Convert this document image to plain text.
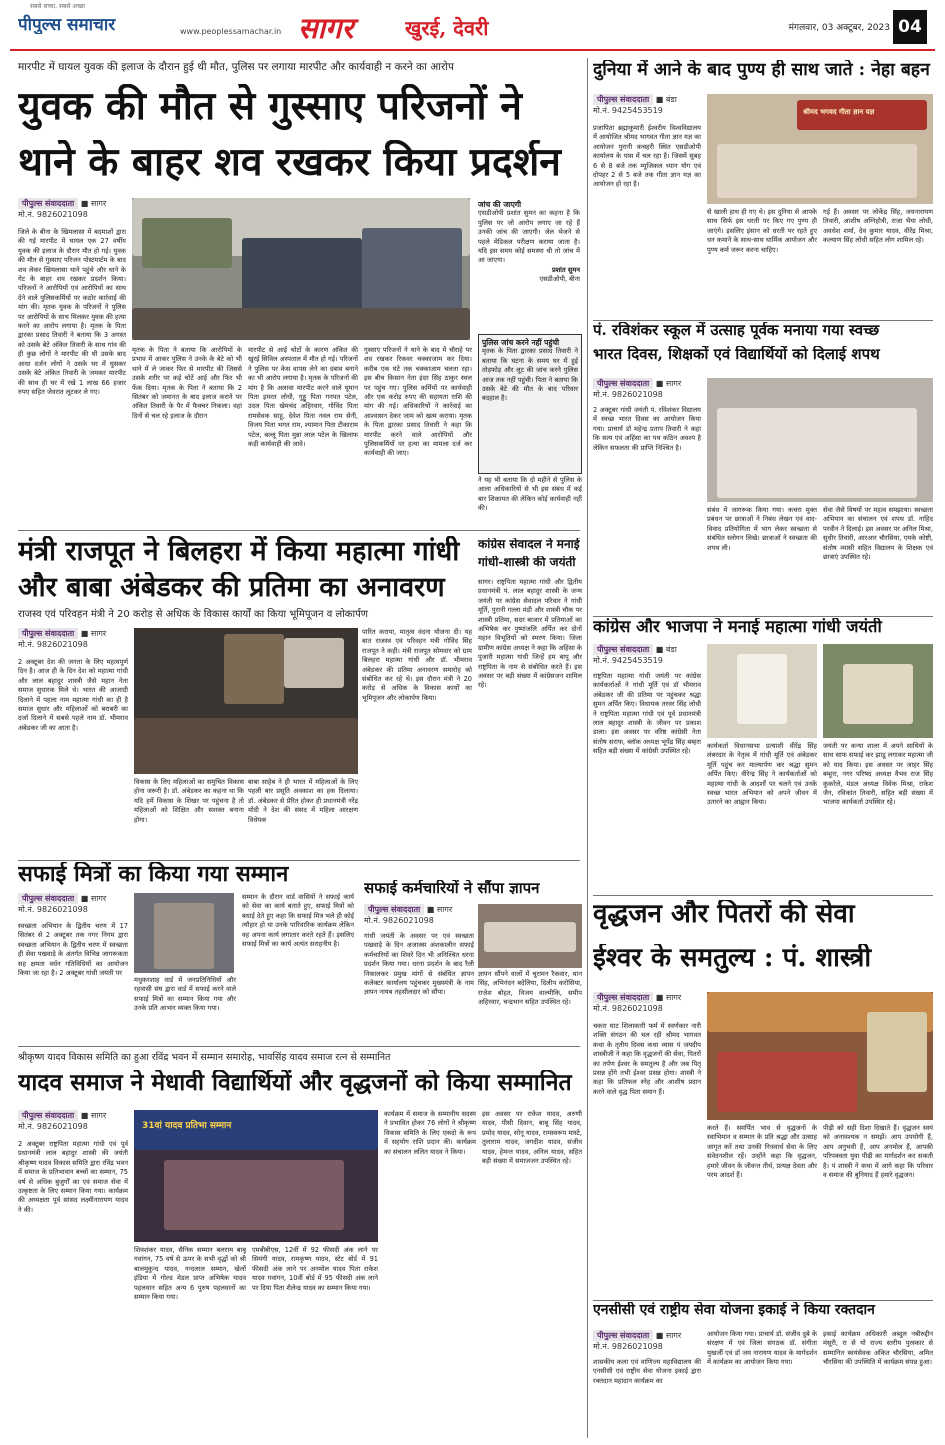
पीपुल्स समाचार
सबसे सच्चा, सबसे अच्छा
www.peoplessamachar.in सागर	खुरई, देवरी	मंगलवार, 03 अक्टूबर, 2023 04
मारपीट में घायल युवक की इलाज के दौरान हुई थी मौत, पुलिस पर लगाया मारपीट और कार्यवाही न करने का आरोप
युवक की मौत से गुस्साए परिजनों ने
थाने के बाहर शव रखकर किया प्रदर्शन
पीपुल्स संवाददाता ■ सागर
मो.नं. 9826021098
जिले के बीना के खिमलासा में बदमाशों द्वारा की गई मारपीट में घायल एक 27 वर्षीय युवक की इलाज के दौरान मौत हो गई। युवक की मौत से गुस्साए परिजन पोस्टमार्टम के बाद शव लेकर खिमलासा थाने पहुंचे और थाने के गेट के बाहर शव रखकर प्रदर्शन किया। परिजनों ने आरोपियों एवं आरोपियों का साथ देने वाले पुलिसकर्मियों पर कठोर कार्रवाई की मांग की। मृतक युवक के परिजनों ने पुलिस पर आरोपियों के साथ मिलकर युवक की हत्या करने का आरोप लगाया है। मृतक के पिता द्वारका प्रसाद तिवारी ने बताया कि 3 अगस्त को उसके बेटे अंकित तिवारी के साथ गांव की ही कुछ लोगों ने मारपीट की थी उसके बाद आधा दर्जन लोगों ने उसके घर में घुसकर उसके बेटे अंकित तिवारी के जमकर मारपीट की साथ ही घर में रखे 1 लाख 66 हजार रुपए सहित जेवरात लूटकर ले गए।
जांच की जाएगी
एसडीओपी प्रशांत सुमन का कहना है कि पुलिस पर जो आरोप लगाए जा रहे हैं उनकी जांच की जाएगी। जेल भेजने से पहले मेडिकल परीक्षण कराया जाता है। यदि इस समय कोई समस्या थी तो जांच में आ जाएगा।
प्रशांत सुमन
एसडीओपी, बीना
मृतक के पिता ने बताया कि आरोपियों के प्रभाव में आकर पुलिस ने उनके के बेटे को भी थाने में ले जाकर फिर से मारपीट की जिससे उसके शरीर पर कई चोटें आई और फिर भी फेंक दिया। मृतक के पिता ने बताया कि 2 सितंबर को जमानत के बाद इलाज कराने पर अंकित तिवारी के पैर में फैक्चर निकला। वहां दिनों से चल रहे इलाज के दौरान
मारपीट से आई चोटों के कारण अंकित की खुरई सिविल अस्पताल में मौत हो गई। परिजनों ने पुलिस पर केस वापस लेने का दबाव बनाने का भी आरोप लगाया है। मृतक के परिजनों की मांग है कि अलावा मारपीट करने वाले घूमान पिता इमरत लोधी, गुड्डू पिता गनपत पटेल, उदल पिता खेमचंद अहिरवार, गोविंद पिता रामसेवक साहू, देवेश पिता नवल राम सेनी, विजय पिता भगत राम, श्यामान पिता टीकाराम पटेल, बल्लू पिता मुन्ना लाल पटेल के खिलाफ कड़ी कार्यवाही की जावे।
गुस्साए परिजनों ने थाने के बाद में चौराहे पर शव रखकर रिकवर चक्काजाम कर दिया। करीब एक घंटे तक चक्काजाम चलता रहा। इस बीच किसान नेता इंदर सिंह ठाकुर स्थल पर पहुंच गए। पुलिस कर्मियों पर कार्यवाही और एक करोड़ रुपए की सहायता राशि की मांग की गई। अधिकारियों ने कार्रवाई का आश्वासन देकर जाम को खत्म कराया। मृतक के पिता द्वारका प्रसाद तिवारी ने कहा कि मारपीट करने वाले आरोपियों और पुलिसकर्मियों पर हत्या का मामला दर्ज कर कार्यवाही की जाए।
पुलिस जांच करने नहीं पहुंची
मृतक के पिता द्वारका प्रसाद तिवारी ने बताया कि घटना के समय घर में हुई तोड़फोड़ और लूट की जांच करने पुलिस आज तक नहीं पहुंची। पिता ने बताया कि उसके बेटे की मौत के बाद परिवार बदहाल है।
ने यह भी बताया कि दो महीने से पुलिस के आला अधिकारियों से भी इस संबंध में कई बार शिकायत की लेकिन कोई कार्यवाही नहीं की।
मंत्री राजपूत ने बिलहरा में किया महात्मा गांधी
और बाबा अंबेडकर की प्रतिमा का अनावरण
राजस्व एवं परिवहन मंत्री ने 20 करोड़ से अधिक के विकास कार्यों का किया भूमिपूजन व लोकार्पण
पीपुल्स संवाददाता ■ सागर
मो.नं. 9826021098
2 अक्टूबर देश की जनता के लिए महत्वपूर्ण दिन है। आज ही के दिन देश को महात्मा गांधी और लाल बहादुर शास्त्री जैसे महान नेता समाज सुधारक मिले थे। भारत की आजादी दिलाने में पहला नाम महात्मा गांधी का ही है समाज सुधार और महिलाओं को बराबरी का दर्जा दिलाने में सबसे पहले नाम डॉ. भीमराव अंबेडकर जी का आता है।
विकास के लिए महिलाओं का समुचित विकास होना जरूरी है। डॉ. अंबेडकर का कहना था कि यदि हमें विकास के शिखर पर पहुंचना है तो महिलाओं को शिक्षित और सशक्त बनाना होगा।
बाबा साहेब ने ही भारत में महिलाओं के लिए पहली बार प्रसूति अवकाश का हक दिलाया। डॉ. अंबेडकर से प्रेरित होकर ही प्रधानमंत्री नरेंद्र मोदी ने देश की संसद में महिला आरक्षण विधेयक
पारित कराया, मातृत्व वंदना योजना दी। यह बात राजस्व एवं परिवहन मंत्री गोविंद सिंह राजपूत ने कही। मंत्री राजपूत सोमवार को ग्राम बिलहरा महात्मा गांधी और डॉ. भीमराव अंबेडकर की प्रतिमा अनावरण समारोह को संबोधित कर रहे थे। इस दौरान मंत्री ने 20 करोड़ से अधिक के विकास कार्यों का भूमिपूजन और लोकार्पण किया।
कांग्रेस सेवादल ने मनाई
गांधी-शास्त्री की जयंती
सागर। राष्ट्रपिता महात्मा गांधी और द्वितीय प्रधानमंत्री पं. लाल बहादुर शास्त्री के जन्म जयंती पर कांग्रेस सेवादल परिवार ने गांधी मूर्ति, पुरानी गल्ला मंडी और शास्त्री चौक पर शास्त्री प्रतिमा, सदर बाजार में प्रतिमाओं का अभिषेक कर पुष्पांजलि अर्पित कर दोनों महान विभूतियों को स्मरण किया। जिला ग्रामीण कांग्रेस अध्यक्ष ने कहा कि अहिंसा के पुजारी महात्मा गांधी जिन्हें हम बापू और राष्ट्रपिता के नाम से संबोधित करते हैं। इस अवसर पर बड़ी संख्या में कांग्रेसजन शामिल रहे।
सफाई मित्रों का किया गया सम्मान
पीपुल्स संवाददाता ■ सागर
मो.नं. 9826021098
स्वच्छता अभियान के द्वितीय चरण में 17 सितंबर से 2 अक्टूबर तक नगर निगम द्वारा स्वच्छता अभियान के द्वितीय चरण में स्वच्छता ही सेवा पखवाड़े के अंतर्गत विभिन्न जागरूकता सह क्षमता वर्धन गतिविधियों का आयोजन किया जा रहा है। 2 अक्टूबर गांधी जयंती पर
मधुकरशाह वार्ड में जनप्रतिनिधियों और रहवासी संघ द्वारा वार्ड में सफाई करने वाले सफाई मित्रों का सम्मान किया गया और उनके प्रति आभार व्यक्त किया गया।
सम्मान के दौरान वार्ड वासियों ने सफाई कार्य को सेवा का कार्य बताते हुए, सफाई मित्रों को बधाई देते हुए कहा कि सफाई मित्र भले ही कोई त्यौहार हो या उनके पारिवारिक कार्यक्रम लेकिन वह अपना कार्य लगातार करते रहते हैं। इसलिए सफाई मित्रों का कार्य अत्यंत सराहनीय है।
सफाई कर्मचारियों ने सौंपा ज्ञापन
पीपुल्स संवाददाता ■ सागर
मो.नं. 9826021098
गांधी जयंती के अवसर पर एवं स्वच्छता पखवाड़े के दिन अजाक्स अंशकालीन सफाई कर्मचारियों का शिवरे दिन भी अनिश्चित धरना प्रदर्शन किया गया। धरना प्रदर्शन के बाद रैली निकालकर प्रमुख मांगों से संबंधित ज्ञापन कलेक्टर कार्यालय पहुंचकर मुख्यमंत्री के नाम ज्ञापन नायब तहसीलदार को सौंपा।
ज्ञापन सौंपने वालों में चूरामन रैकवार, थान सिंह, अभिनंदन बदेलिया, दिलीप करोसिया, राजेश बोहत, विजय वाल्मीकि, समीप अहिरवार, चन्द्रभान सहित उपस्थित रहे।
श्रीकृष्ण यादव विकास समिति का हुआ रविंद्र भवन में सम्मान समारोह, भावसिंह यादव समाज रत्न से सम्मानित
यादव समाज ने मेधावी विद्यार्थियों और वृद्धजनों को किया सम्मानित
पीपुल्स संवाददाता ■ सागर
मो.नं. 9826021098
2 अक्टूबर राष्ट्रपिता महात्मा गांधी एवं पूर्व प्रधानमंत्री लाल बहादुर शास्त्री की जयंती श्रीकृष्ण यादव विकास समिति द्वारा रविंद्र भवन में समाज के प्रतिभावान बच्चों का सम्मान, 75 वर्ष से अधिक बुजुर्गों का एवं समाज सेवा में उत्कृष्टता के लिए सम्मान किया गया। कार्यक्रम की अध्यक्षता पूर्व सांसद लक्ष्मीनारायण यादव ने की।
31वां यादव प्रतिभा सम्मान
शिवशंकर यादव, सैनिक सम्मान बलराम बाबू गवांगन, 75 वर्ष से ऊपर के सभी वृद्धों को श्री बालमुकुन्द यादव, नन्दलाल सम्मान, खेलों इंडिया में गोल्ड मेडल प्राप्त अभिषेक यादव पहलवान सहित अन्य 6 पुरुष पहलवानों का सम्मान किया गया।
एमबीबीएस, 12वीं में 92 फीसदी अंक लाने पर सिमंगी यादव, रामकृष्ण यादव, स्टेट बोर्ड में 91 फीसदी अंक लाने पर अनमोल यादव पिता राकेश यादव गवांगन, 10वीं बोर्ड में 95 फीसदी अंक लाने पर दिया पिता शैलेन्द्र यादव का सम्मान किया गया।
कार्यक्रम में समाज के सम्मानीय सदस्य ने प्रभावित होकर 76 लोगों ने श्रीकृष्ण विकास समिति के लिए एकदो के रूप में सहयोग राशि प्रदान की। कार्यक्रम का संचालन ललित यादव ने किया।
इस अवसर पर राकेश यादव, अरुणी यादव, पीसी दिवान, बाबू सिंह यादव, प्रमोद यादव, सोनू यादव, रामस्वरूप मास्टे, तुलाराम यादव, जगदीश यादव, संजीव यादव, हेमन्त यादव, अनिल यादव, सहित बड़ी संख्या में समाजजन उपस्थित रहे।
दुनिया में आने के बाद पुण्य ही साथ जाते : नेहा बहन
पीपुल्स संवाददाता ■ बंडा
मो.नं. 9425453519
प्रजापिता ब्रह्माकुमारी ईश्वरीय विश्वविद्यालय में आयोजित श्रीमद भागवत गीता ज्ञान यज्ञ का आयोजन पुरानी कचहरी स्थित एसडीओपी कार्यालय के पास में चल रहा है। जिसमें सुबह 6 से 8 बजे तक म्यूजिकल ध्यान योग एवं दोपहर 2 से 5 बजे तक गीता ज्ञान यज्ञ का आयोजन हो रहा है।
श्रीमद भगवद गीता ज्ञान यज्ञ
से खाली हाथ ही गए थे। इस दुनिया से आपके साथ सिर्फ इस धरती पर किए गए पुण्य ही जाएंगे। इसलिए इंसान को धरती पर रहते हुए धन कमाने के साथ-साथ धार्मिक आयोजन और पुण्य कर्म जरूर करना चाहिए।
गई हैं। अवसर पर लोकेंद्र सिंह, जयनारायण तिवारी, आशीष अग्निहोत्री, राजा भैया लोधी, अवधेश शर्मा, देव कुमार यादव, वीरेंद्र मिश्रा, कल्याण सिंह लोधी सहित लोग शामिल रहे।
पं. रविशंकर स्कूल में उत्साह पूर्वक मनाया गया स्वच्छ
भारत दिवस, शिक्षकों एवं विद्यार्थियों को दिलाई शपथ
पीपुल्स संवाददाता ■ सागर
मो.नं. 9826021098
2 अक्टूबर गांधी जयंती पं. रविशंकर विद्यालय में स्वच्छ भारत दिवस का आयोजन किया गया। प्राचार्य डॉ महेन्द्र प्रताप तिवारी ने कहा कि सत्य एवं अहिंसा का पथ कठिन अवश्य है लेकिन सफलता की प्राप्ति निश्चित है।
संबंध में जागरूक किया गया। कचरा मुक्त प्रबंधन पर छात्राओं ने निबंध लेखन एवं वाद-विवाद प्रतियोगिता में भाग लेकर स्वच्छता से संबंधित स्लोगन लिखे। छात्राओं ने स्वच्छता की शपथ ली।
सेवा जैसे विषयों पर महत्व समझाया। स्वच्छता अभियान का संचालन एवं शपथ डॉ. नाहिद परवीन ने दिलाई। इस अवसर पर अनिल मिश्रा, सुधीर तिवारी, आरआर चौरसिया, एमके कोष्टी, संतोष व्यासी सहित विद्यालय के शिक्षक एवं छात्राएं उपस्थित रहे।
कांग्रेस और भाजपा ने मनाई महात्मा गांधी जयंती
पीपुल्स संवाददाता ■ बंडा
मो.नं. 9425453519
राष्ट्रपिता महात्मा गांधी जयंती पर कांग्रेस कार्यकर्ताओं ने गांधी मूर्ति एवं डॉ भीमराव अंबेडकर जी की प्रतिमा पर पहुंचकर श्रद्धा सुमन अर्पित किए। विधायक तरवर सिंह लोधी ने राष्ट्रपिता महात्मा गांधी एवं पूर्व प्रधानमंत्री लाल बहादुर शास्त्री के जीवन पर प्रकाश डाला। इस अवसर पर वरिष्ठ कांग्रेसी नेता संतोष सराफ, ब्लॉक अध्यक्ष भूपेंद्र सिंह बम्हरा सहित बड़ी संख्या में कांग्रेसी उपस्थित रहे।
कार्यकर्ता विधानसभा प्रत्याशी वीरेंद्र सिंह लंबरदार के नेतृत्व में गांधी मूर्ति एवं अंबेडकर मूर्ति पहुंच कर माल्यार्पण कर श्रद्धा सुमन अर्पित किए। वीरेन्द्र सिंह ने कार्यकर्ताओं को महात्मा गांधी के आदर्शों पर चलने एवं उनके स्वच्छ भारत अभियान को अपने जीवन में उतारने का आह्वान किया।
जयंती पर कन्या शाला में अपने साथियों के साथ साफ सफाई कर झाडू लगाकर महात्मा जी को याद किया। इस अवसर पर जाहर सिंह बम्हूरा, नगर परिषद अध्यक्ष वैभव राज सिंह कुकरेले, मंडल अध्यक्ष विवेक मिश्रा, राकेश जैन, रविकांत तिवारी, सहित बड़ी संख्या में भाजपा कार्यकर्ता उपस्थित रहे।
वृद्धजन और पितरों की सेवा
ईश्वर के समतुल्य : पं. शास्त्री
पीपुल्स संवाददाता ■ सागर
मो.नं. 9826021098
चकरा घाट शिलाकारी फर्म में स्वर्णकार नारी शक्ति संगठन की चल रही श्रीमद भागवत कथा के तृतीय दिवस कथा व्यास पं जयदीप शास्त्रीजी ने कहा कि वृद्धजनों की सेवा, पितरों का तर्पण ईश्वर के समतुल्य है और जब पितृ प्रसन्न होंगे तभी ईश्वर प्रसन्न होगा। शास्त्री ने कहा कि प्रतिफल स्नेह और आशीष प्रदान करने वाले वृद्ध पिता समान हैं।
करते हैं। समर्पित भाव से वृद्धजनों के स्वाभिमान व सम्मान के प्रति श्रद्धा और उत्साह जागृत करें तथा उनकी निःस्वार्थ सेवा के लिए संवेदनशील रहें। उन्होंने कहा कि वृद्धजन, हमारे जीवन के जीवन्त तीर्थ, प्रत्यक्ष देवता और परम आदर्श हैं।
पीढ़ी को सही दिशा दिखाते हैं। वृद्धजन स्वयं को अनावश्यक न समझें। आप उपयोगी हैं, आप अनुभवी हैं, आप अनमोल हैं, आपकी परिपक्वता युवा पीढ़ी का मार्गदर्शन कर सकती है। पं शास्त्री ने कथा में आगे कहा कि परिवार व समाज की बुनियाद हैं हमारे वृद्धजन।
एनसीसी एवं राष्ट्रीय सेवा योजना इकाई ने किया रक्तदान
पीपुल्स संवाददाता ■ सागर
मो.नं. 9826021098
शासकीय कला एवं वाणिज्य महाविद्यालय की एनसीसी एवं राष्ट्रीय सेवा योजना इकाई द्वारा रक्तदान महादान कार्यक्रम का
आयोजन किया गया। प्राचार्य डॉ. संजीव दुबे के संरक्षण में एवं जिला संगठक डॉ. संगीता मुखर्जी एवं डॉ जय नारायण यादव के मार्गदर्शन में कार्यक्रम का आयोजन किया गया।
इकाई कार्यक्रम अधिकारी अब्दुल नबीरुद्दीन मंसूरी, रा से यो राज्य स्तरीय पुरस्कार से सम्मानित स्वयंसेवक अंकित चौरसिया, अमित चौरसिया की उपस्थिति में कार्यक्रम संपन्न हुआ।
